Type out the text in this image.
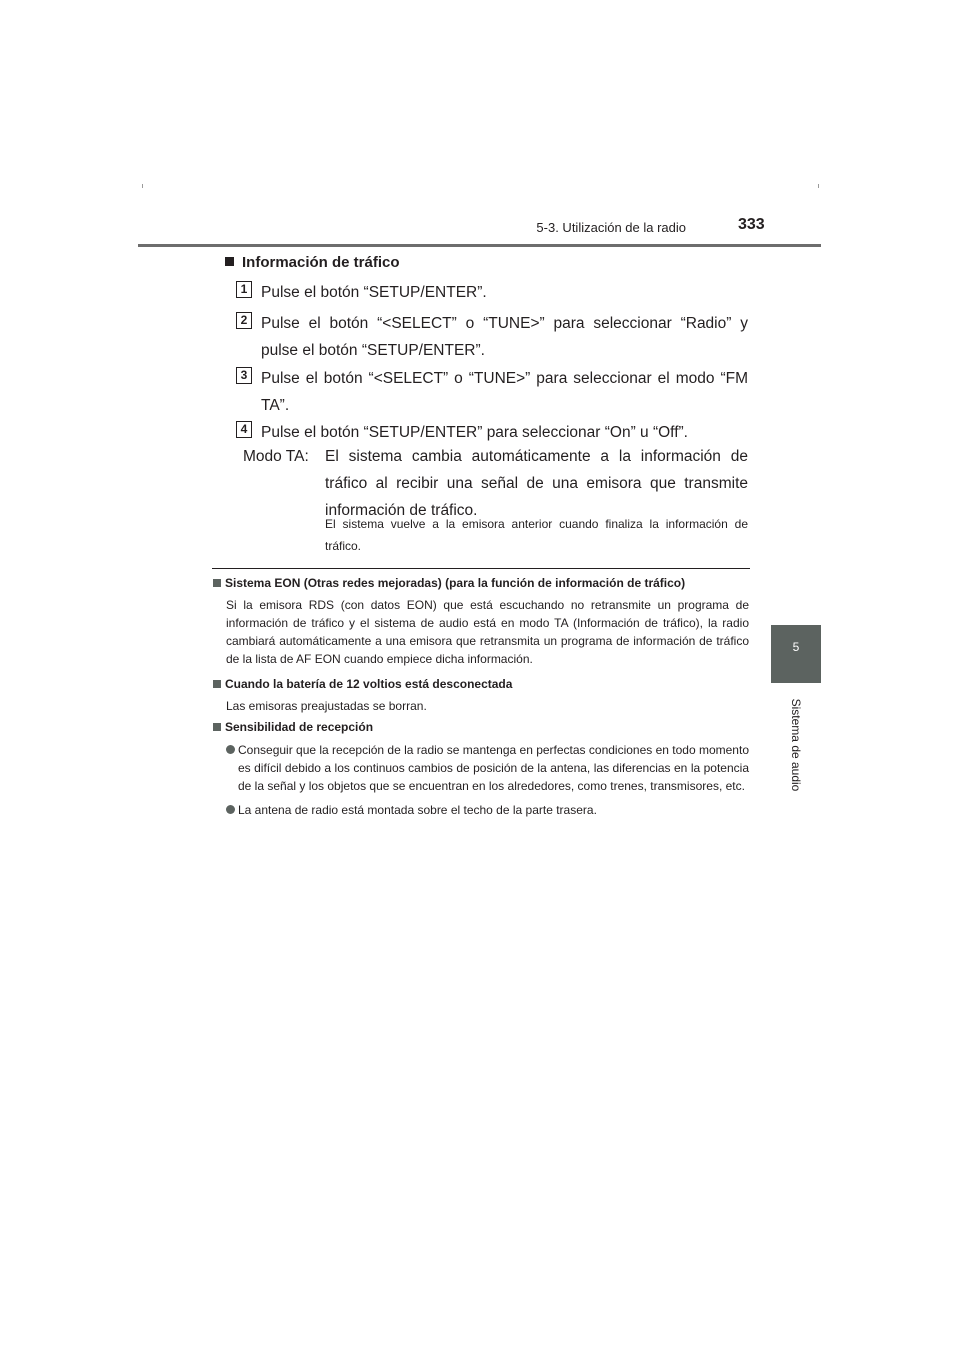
5-3. Utilización de la radio	333
5
Sistema de audio
Información de tráfico
1 Pulse el botón “SETUP/ENTER”.
2 Pulse el botón “<SELECT” o “TUNE>” para seleccionar “Radio” y pulse el botón “SETUP/ENTER”.
3 Pulse el botón “<SELECT” o “TUNE>” para seleccionar el modo “FM TA”.
4 Pulse el botón “SETUP/ENTER” para seleccionar “On” u “Off”.
Modo TA: El sistema cambia automáticamente a la información de tráfico al recibir una señal de una emisora que transmite información de tráfico.
El sistema vuelve a la emisora anterior cuando finaliza la información de tráfico.
Sistema EON (Otras redes mejoradas) (para la función de información de tráfico)
Si la emisora RDS (con datos EON) que está escuchando no retransmite un programa de información de tráfico y el sistema de audio está en modo TA (Información de tráfico), la radio cambiará automáticamente a una emisora que retransmita un programa de información de tráfico de la lista de AF EON cuando empiece dicha información.
Cuando la batería de 12 voltios está desconectada
Las emisoras preajustadas se borran.
Sensibilidad de recepción
Conseguir que la recepción de la radio se mantenga en perfectas condiciones en todo momento es difícil debido a los continuos cambios de posición de la antena, las diferencias en la potencia de la señal y los objetos que se encuentran en los alrededores, como trenes, transmisores, etc.
La antena de radio está montada sobre el techo de la parte trasera.
